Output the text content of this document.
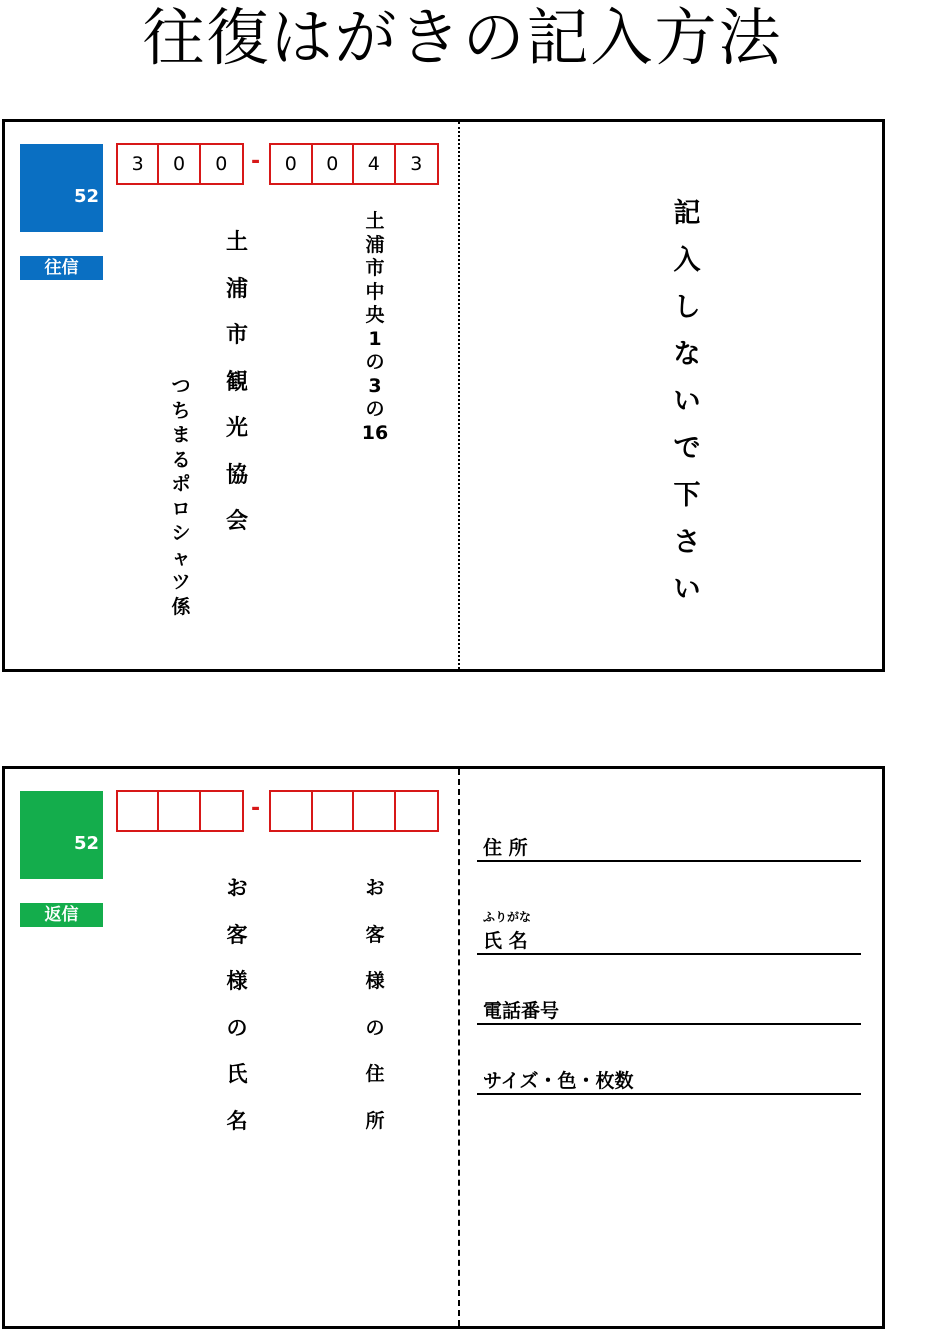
往復はがきの記入方法
52
往信
3	0	0	-	0	0	4	3
土
浦
市
中
央
1
の
3
の
16
土
浦
市
観
光
協
会
つ
ち
ま
る
ポ
ロ
シ
ャ
ツ
係
記
入
し
な
い
で
下
さ
い
52
返信
-
お
客
様
の
住
所
お
客
様
の
氏
名
住 所
ふりがな
氏 名
電話番号
サイズ・色・枚数
